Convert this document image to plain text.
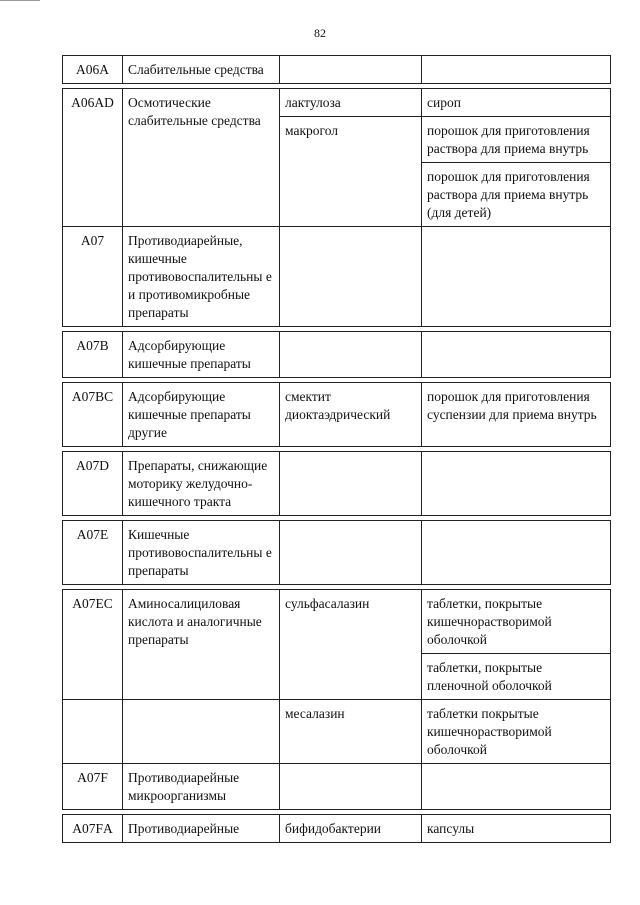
82
А06А	Слабительные средства		

А06АD	Осмотические слабительные средства	лактулоза	сироп
		макрогол	порошок для приготовления раствора для приема внутрь
			порошок для приготовления раствора для приема внутрь (для детей)
А07	Противодиарейные, кишечные противовоспалительны е и противомикробные препараты		

А07В	Адсорбирующие кишечные препараты		

А07ВС	Адсорбирующие кишечные препараты другие	смектит диоктаэдрический	порошок для приготовления суспензии для приема внутрь

А07D	Препараты, снижающие моторику желудочно-кишечного тракта		

А07Е	Кишечные противовоспалительны е препараты		

А07ЕС	Аминосалициловая кислота и аналогичные препараты	сульфасалазин	таблетки, покрытые кишечнорастворимой оболочкой
			таблетки, покрытые пленочной оболочкой
		месалазин	таблетки покрытые кишечнорастворимой оболочкой
А07F	Противодиарейные микроорганизмы		

А07FА	Противодиарейные	бифидобактерии	капсулы
